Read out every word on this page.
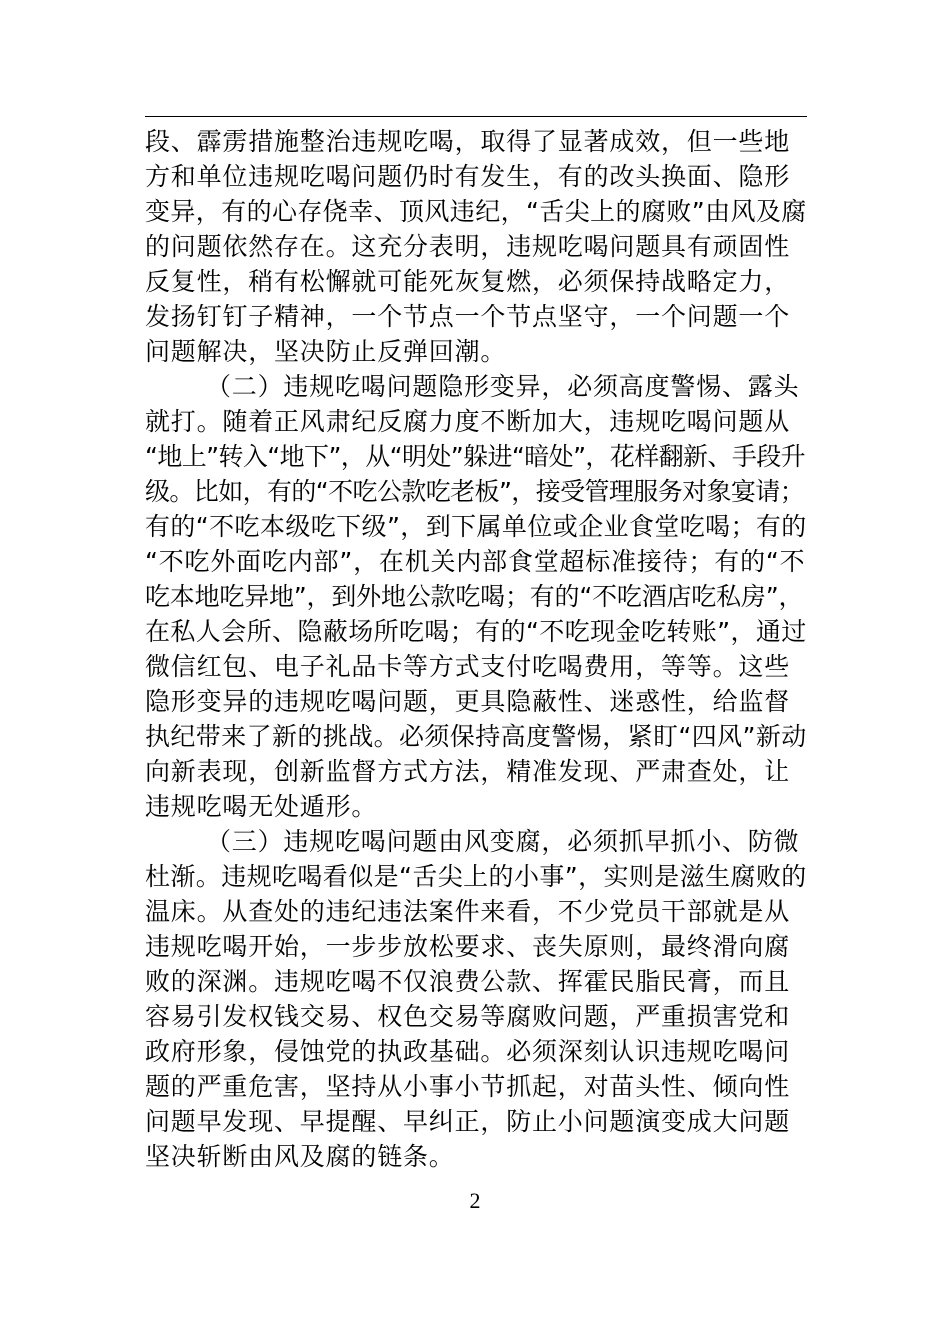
段、霹雳措施整治违规吃喝，取得了显著成效，但一些地
方和单位违规吃喝问题仍时有发生，有的改头换面、隐形
变异，有的心存侥幸、顶风违纪，“舌尖上的腐败”由风及腐
的问题依然存在。这充分表明，违规吃喝问题具有顽固性
反复性，稍有松懈就可能死灰复燃，必须保持战略定力，
发扬钉钉子精神，一个节点一个节点坚守，一个问题一个
问题解决，坚决防止反弹回潮。
（二）违规吃喝问题隐形变异，必须高度警惕、露头
就打。随着正风肃纪反腐力度不断加大，违规吃喝问题从
“地上”转入“地下”，从“明处”躲进“暗处”，花样翻新、手段升
级。比如，有的“不吃公款吃老板”，接受管理服务对象宴请；
有的“不吃本级吃下级”，到下属单位或企业食堂吃喝；有的
“不吃外面吃内部”，在机关内部食堂超标准接待；有的“不
吃本地吃异地”，到外地公款吃喝；有的“不吃酒店吃私房”，
在私人会所、隐蔽场所吃喝；有的“不吃现金吃转账”，通过
微信红包、电子礼品卡等方式支付吃喝费用，等等。这些
隐形变异的违规吃喝问题，更具隐蔽性、迷惑性，给监督
执纪带来了新的挑战。必须保持高度警惕，紧盯“四风”新动
向新表现，创新监督方式方法，精准发现、严肃查处，让
违规吃喝无处遁形。
（三）违规吃喝问题由风变腐，必须抓早抓小、防微
杜渐。违规吃喝看似是“舌尖上的小事”，实则是滋生腐败的
温床。从查处的违纪违法案件来看，不少党员干部就是从
违规吃喝开始，一步步放松要求、丧失原则，最终滑向腐
败的深渊。违规吃喝不仅浪费公款、挥霍民脂民膏，而且
容易引发权钱交易、权色交易等腐败问题，严重损害党和
政府形象，侵蚀党的执政基础。必须深刻认识违规吃喝问
题的严重危害，坚持从小事小节抓起，对苗头性、倾向性
问题早发现、早提醒、早纠正，防止小问题演变成大问题
坚决斩断由风及腐的链条。
2
